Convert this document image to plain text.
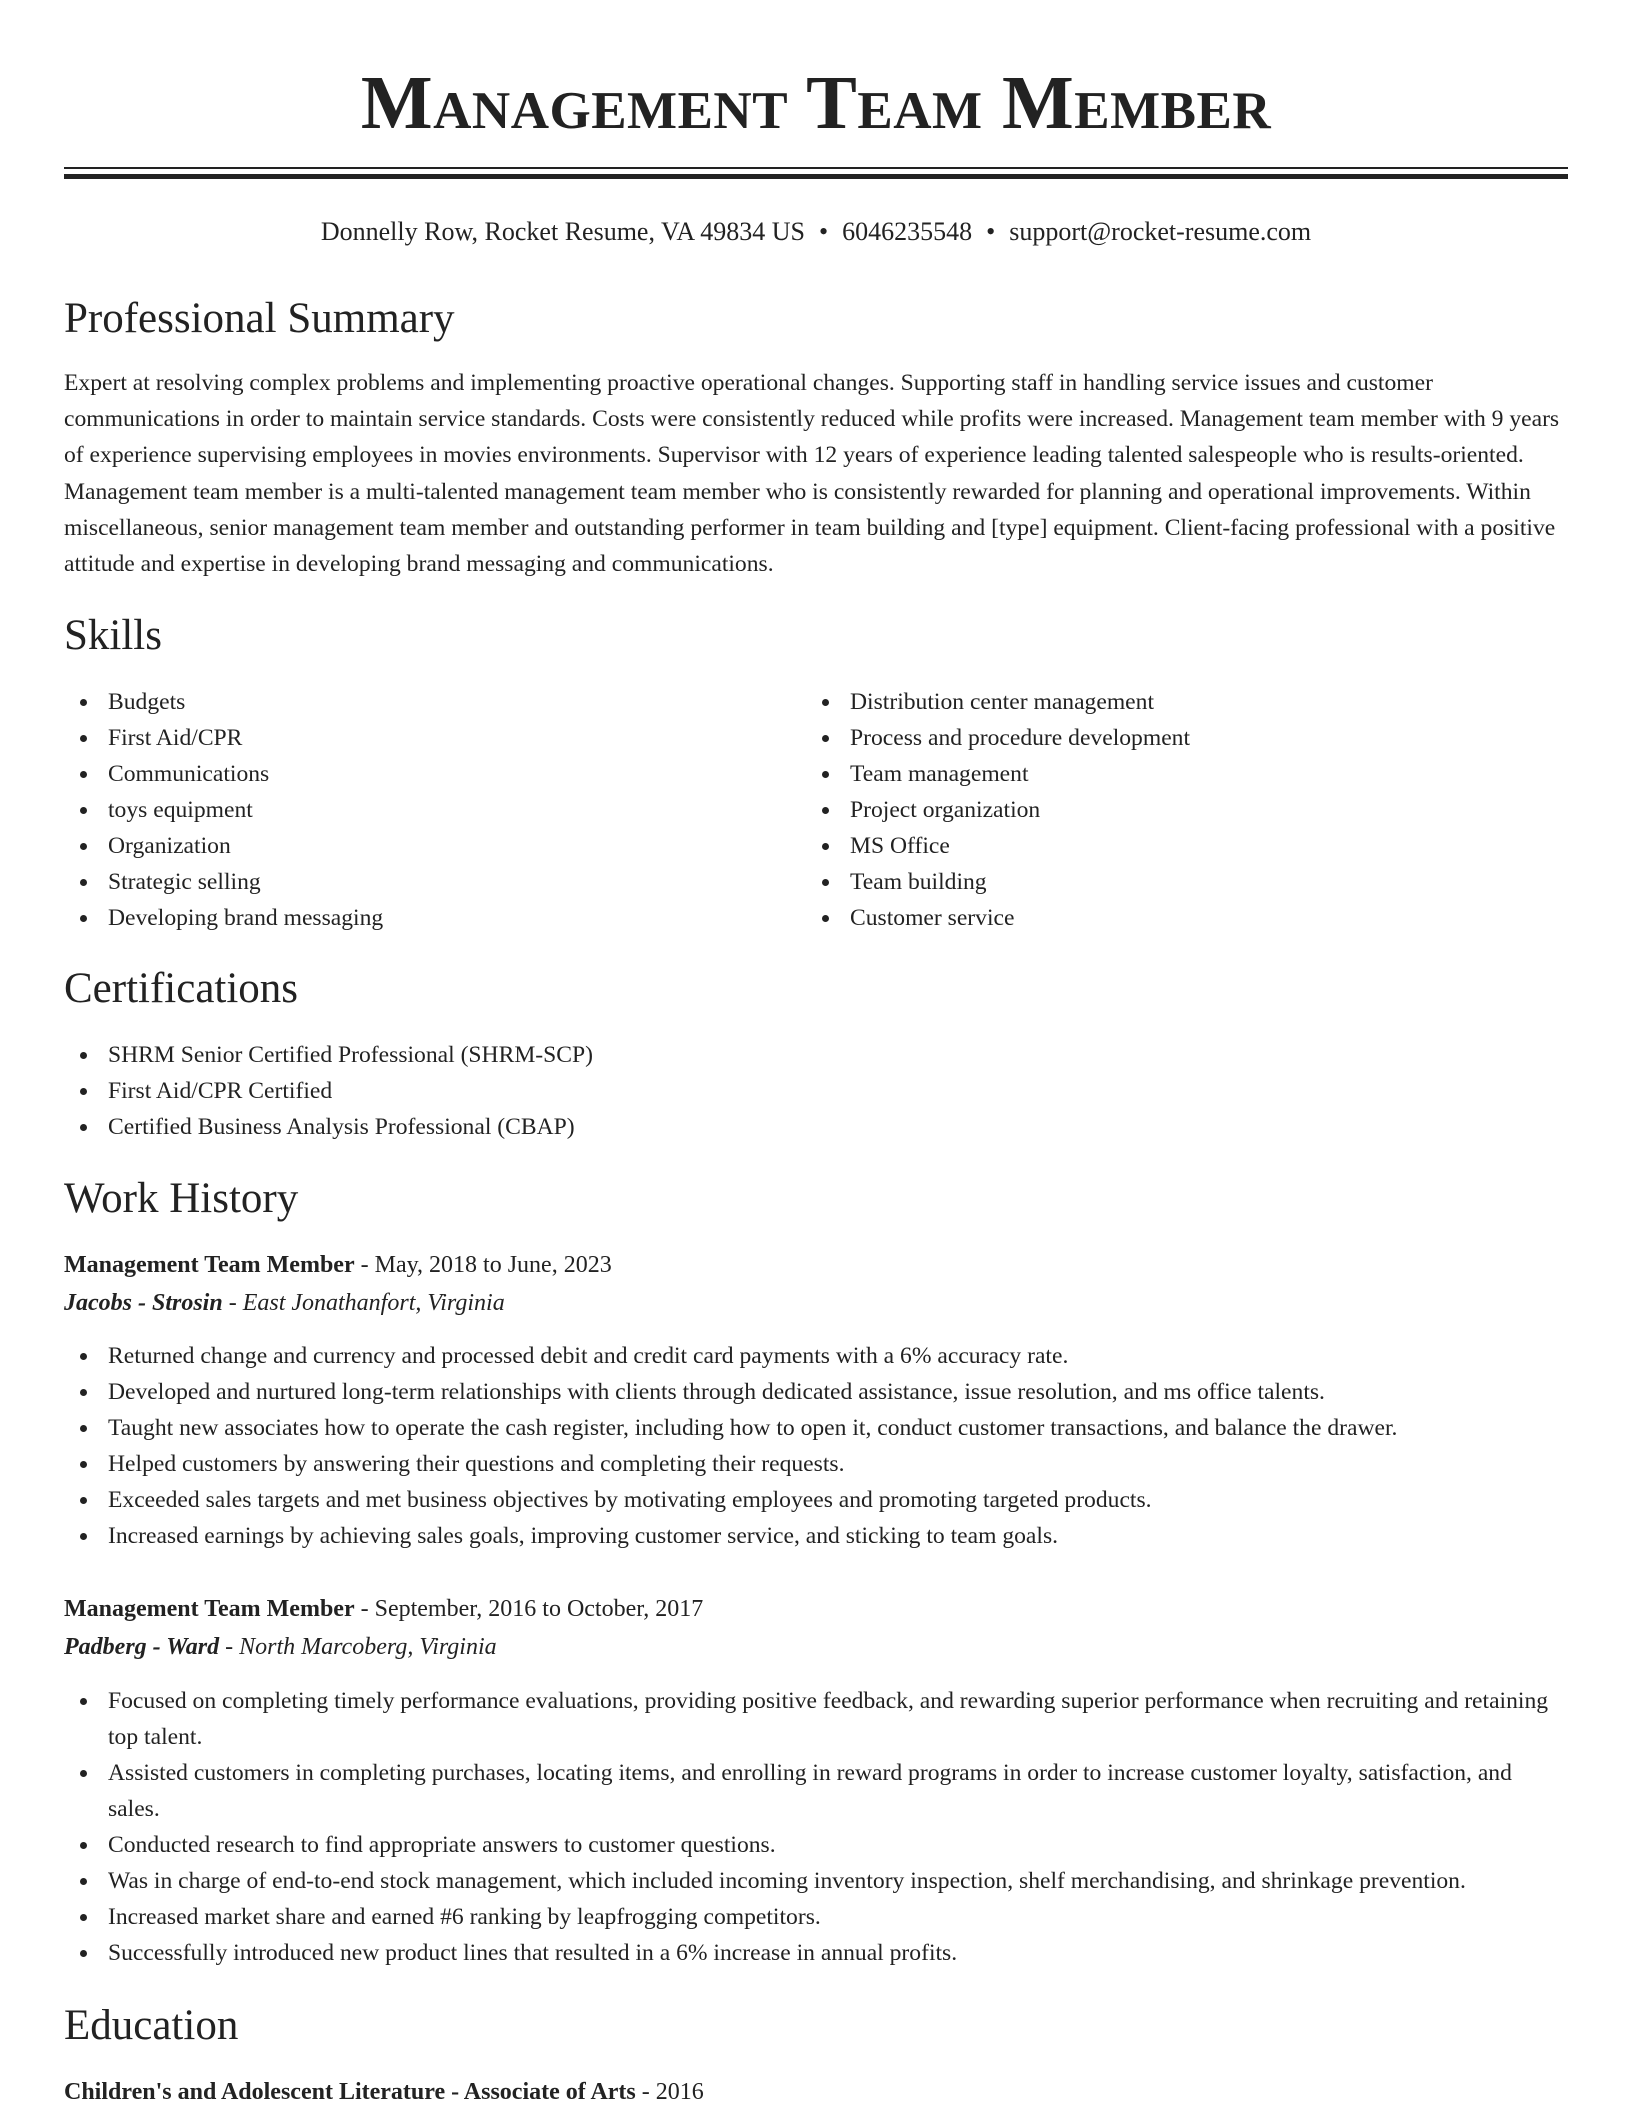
Management Team Member
Donnelly Row, Rocket Resume, VA 49834 US • 6046235548 • support@rocket-resume.com
Professional Summary

Expert at resolving complex problems and implementing proactive operational changes. Supporting staff in handling service issues and customer communications in order to maintain service standards. Costs were consistently reduced while profits were increased. Management team member with 9 years of experience supervising employees in movies environments. Supervisor with 12 years of experience leading talented salespeople who is results-oriented. Management team member is a multi-talented management team member who is consistently rewarded for planning and operational improvements. Within miscellaneous, senior management team member and outstanding performer in team building and [type] equipment. Client-facing professional with a positive attitude and expertise in developing brand messaging and communications.

Skills
Budgets
First Aid/CPR
Communications
toys equipment
Organization
Strategic selling
Developing brand messaging
Distribution center management
Process and procedure development
Team management
Project organization
MS Office
Team building
Customer service
Certifications
SHRM Senior Certified Professional (SHRM-SCP)
First Aid/CPR Certified
Certified Business Analysis Professional (CBAP)
Work History
Management Team Member - May, 2018 to June, 2023
Jacobs - Strosin - East Jonathanfort, Virginia
Returned change and currency and processed debit and credit card payments with a 6% accuracy rate.
Developed and nurtured long-term relationships with clients through dedicated assistance, issue resolution, and ms office talents.
Taught new associates how to operate the cash register, including how to open it, conduct customer transactions, and balance the drawer.
Helped customers by answering their questions and completing their requests.
Exceeded sales targets and met business objectives by motivating employees and promoting targeted products.
Increased earnings by achieving sales goals, improving customer service, and sticking to team goals.
Management Team Member - September, 2016 to October, 2017
Padberg - Ward - North Marcoberg, Virginia
Focused on completing timely performance evaluations, providing positive feedback, and rewarding superior performance when recruiting and retaining top talent.
Assisted customers in completing purchases, locating items, and enrolling in reward programs in order to increase customer loyalty, satisfaction, and sales.
Conducted research to find appropriate answers to customer questions.
Was in charge of end-to-end stock management, which included incoming inventory inspection, shelf merchandising, and shrinkage prevention.
Increased market share and earned #6 ranking by leapfrogging competitors.
Successfully introduced new product lines that resulted in a 6% increase in annual profits.
Education
Children's and Adolescent Literature - Associate of Arts - 2016
